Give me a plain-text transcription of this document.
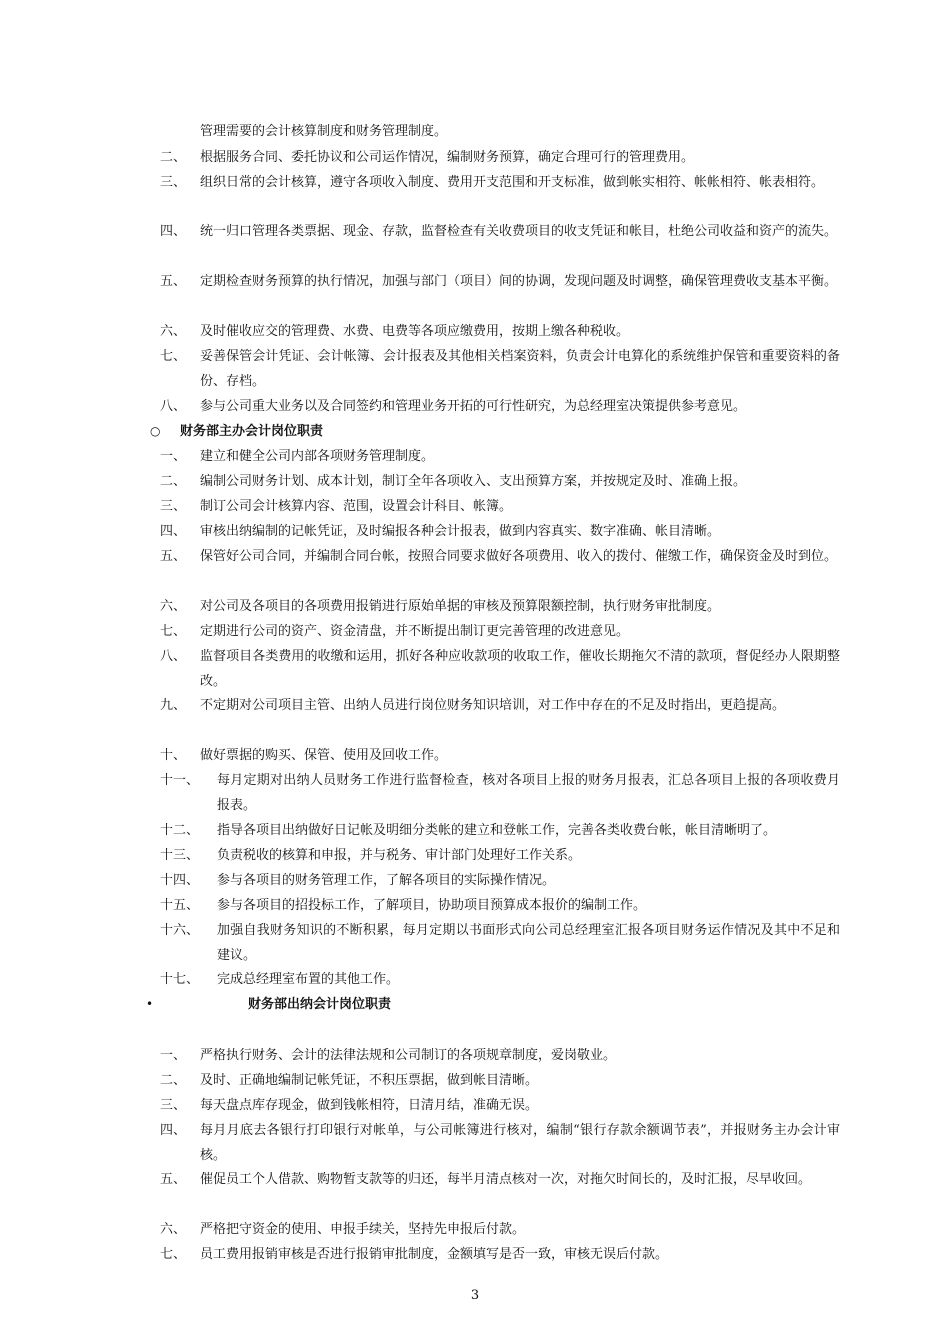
管理需要的会计核算制度和财务管理制度。
二、 根据服务合同、委托协议和公司运作情况，编制财务预算，确定合理可行的管理费用。
三、 组织日常的会计核算，遵守各项收入制度、费用开支范围和开支标准，做到帐实相符、帐帐相符、帐表相符。
四、 统一归口管理各类票据、现金、存款，监督检查有关收费项目的收支凭证和帐目，杜绝公司收益和资产的流失。
五、 定期检查财务预算的执行情况，加强与部门（项目）间的协调，发现问题及时调整，确保管理费收支基本平衡。
六、 及时催收应交的管理费、水费、电费等各项应缴费用，按期上缴各种税收。
七、 妥善保管会计凭证、会计帐簿、会计报表及其他相关档案资料，负责会计电算化的系统维护保管和重要资料的备份、存档。
八、 参与公司重大业务以及合同签约和管理业务开拓的可行性研究，为总经理室决策提供参考意见。
○ 财务部主办会计岗位职责
一、 建立和健全公司内部各项财务管理制度。
二、 编制公司财务计划、成本计划，制订全年各项收入、支出预算方案，并按规定及时、准确上报。
三、 制订公司会计核算内容、范围，设置会计科目、帐簿。
四、 审核出纳编制的记帐凭证，及时编报各种会计报表，做到内容真实、数字准确、帐目清晰。
五、 保管好公司合同，并编制合同台帐，按照合同要求做好各项费用、收入的拨付、催缴工作，确保资金及时到位。
六、 对公司及各项目的各项费用报销进行原始单据的审核及预算限额控制，执行财务审批制度。
七、 定期进行公司的资产、资金清盘，并不断提出制订更完善管理的改进意见。
八、 监督项目各类费用的收缴和运用，抓好各种应收款项的收取工作，催收长期拖欠不清的款项，督促经办人限期整改。
九、 不定期对公司项目主管、出纳人员进行岗位财务知识培训，对工作中存在的不足及时指出，更趋提高。
十、 做好票据的购买、保管、使用及回收工作。
十一、 每月定期对出纳人员财务工作进行监督检查，核对各项目上报的财务月报表，汇总各项目上报的各项收费月报表。
十二、 指导各项目出纳做好日记帐及明细分类帐的建立和登帐工作，完善各类收费台帐，帐目清晰明了。
十三、 负责税收的核算和申报，并与税务、审计部门处理好工作关系。
十四、 参与各项目的财务管理工作，了解各项目的实际操作情况。
十五、 参与各项目的招投标工作，了解项目，协助项目预算成本报价的编制工作。
十六、 加强自我财务知识的不断积累，每月定期以书面形式向公司总经理室汇报各项目财务运作情况及其中不足和建议。
十七、 完成总经理室布置的其他工作。
•	财务部出纳会计岗位职责
一、 严格执行财务、会计的法律法规和公司制订的各项规章制度，爱岗敬业。
二、 及时、正确地编制记帐凭证，不积压票据，做到帐目清晰。
三、 每天盘点库存现金，做到钱帐相符，日清月结，准确无误。
四、 每月月底去各银行打印银行对帐单，与公司帐簿进行核对，编制“银行存款余额调节表”，并报财务主办会计审核。
五、 催促员工个人借款、购物暂支款等的归还，每半月清点核对一次，对拖欠时间长的，及时汇报，尽早收回。
六、 严格把守资金的使用、申报手续关，坚持先申报后付款。
七、 员工费用报销审核是否进行报销审批制度，金额填写是否一致，审核无误后付款。
3
